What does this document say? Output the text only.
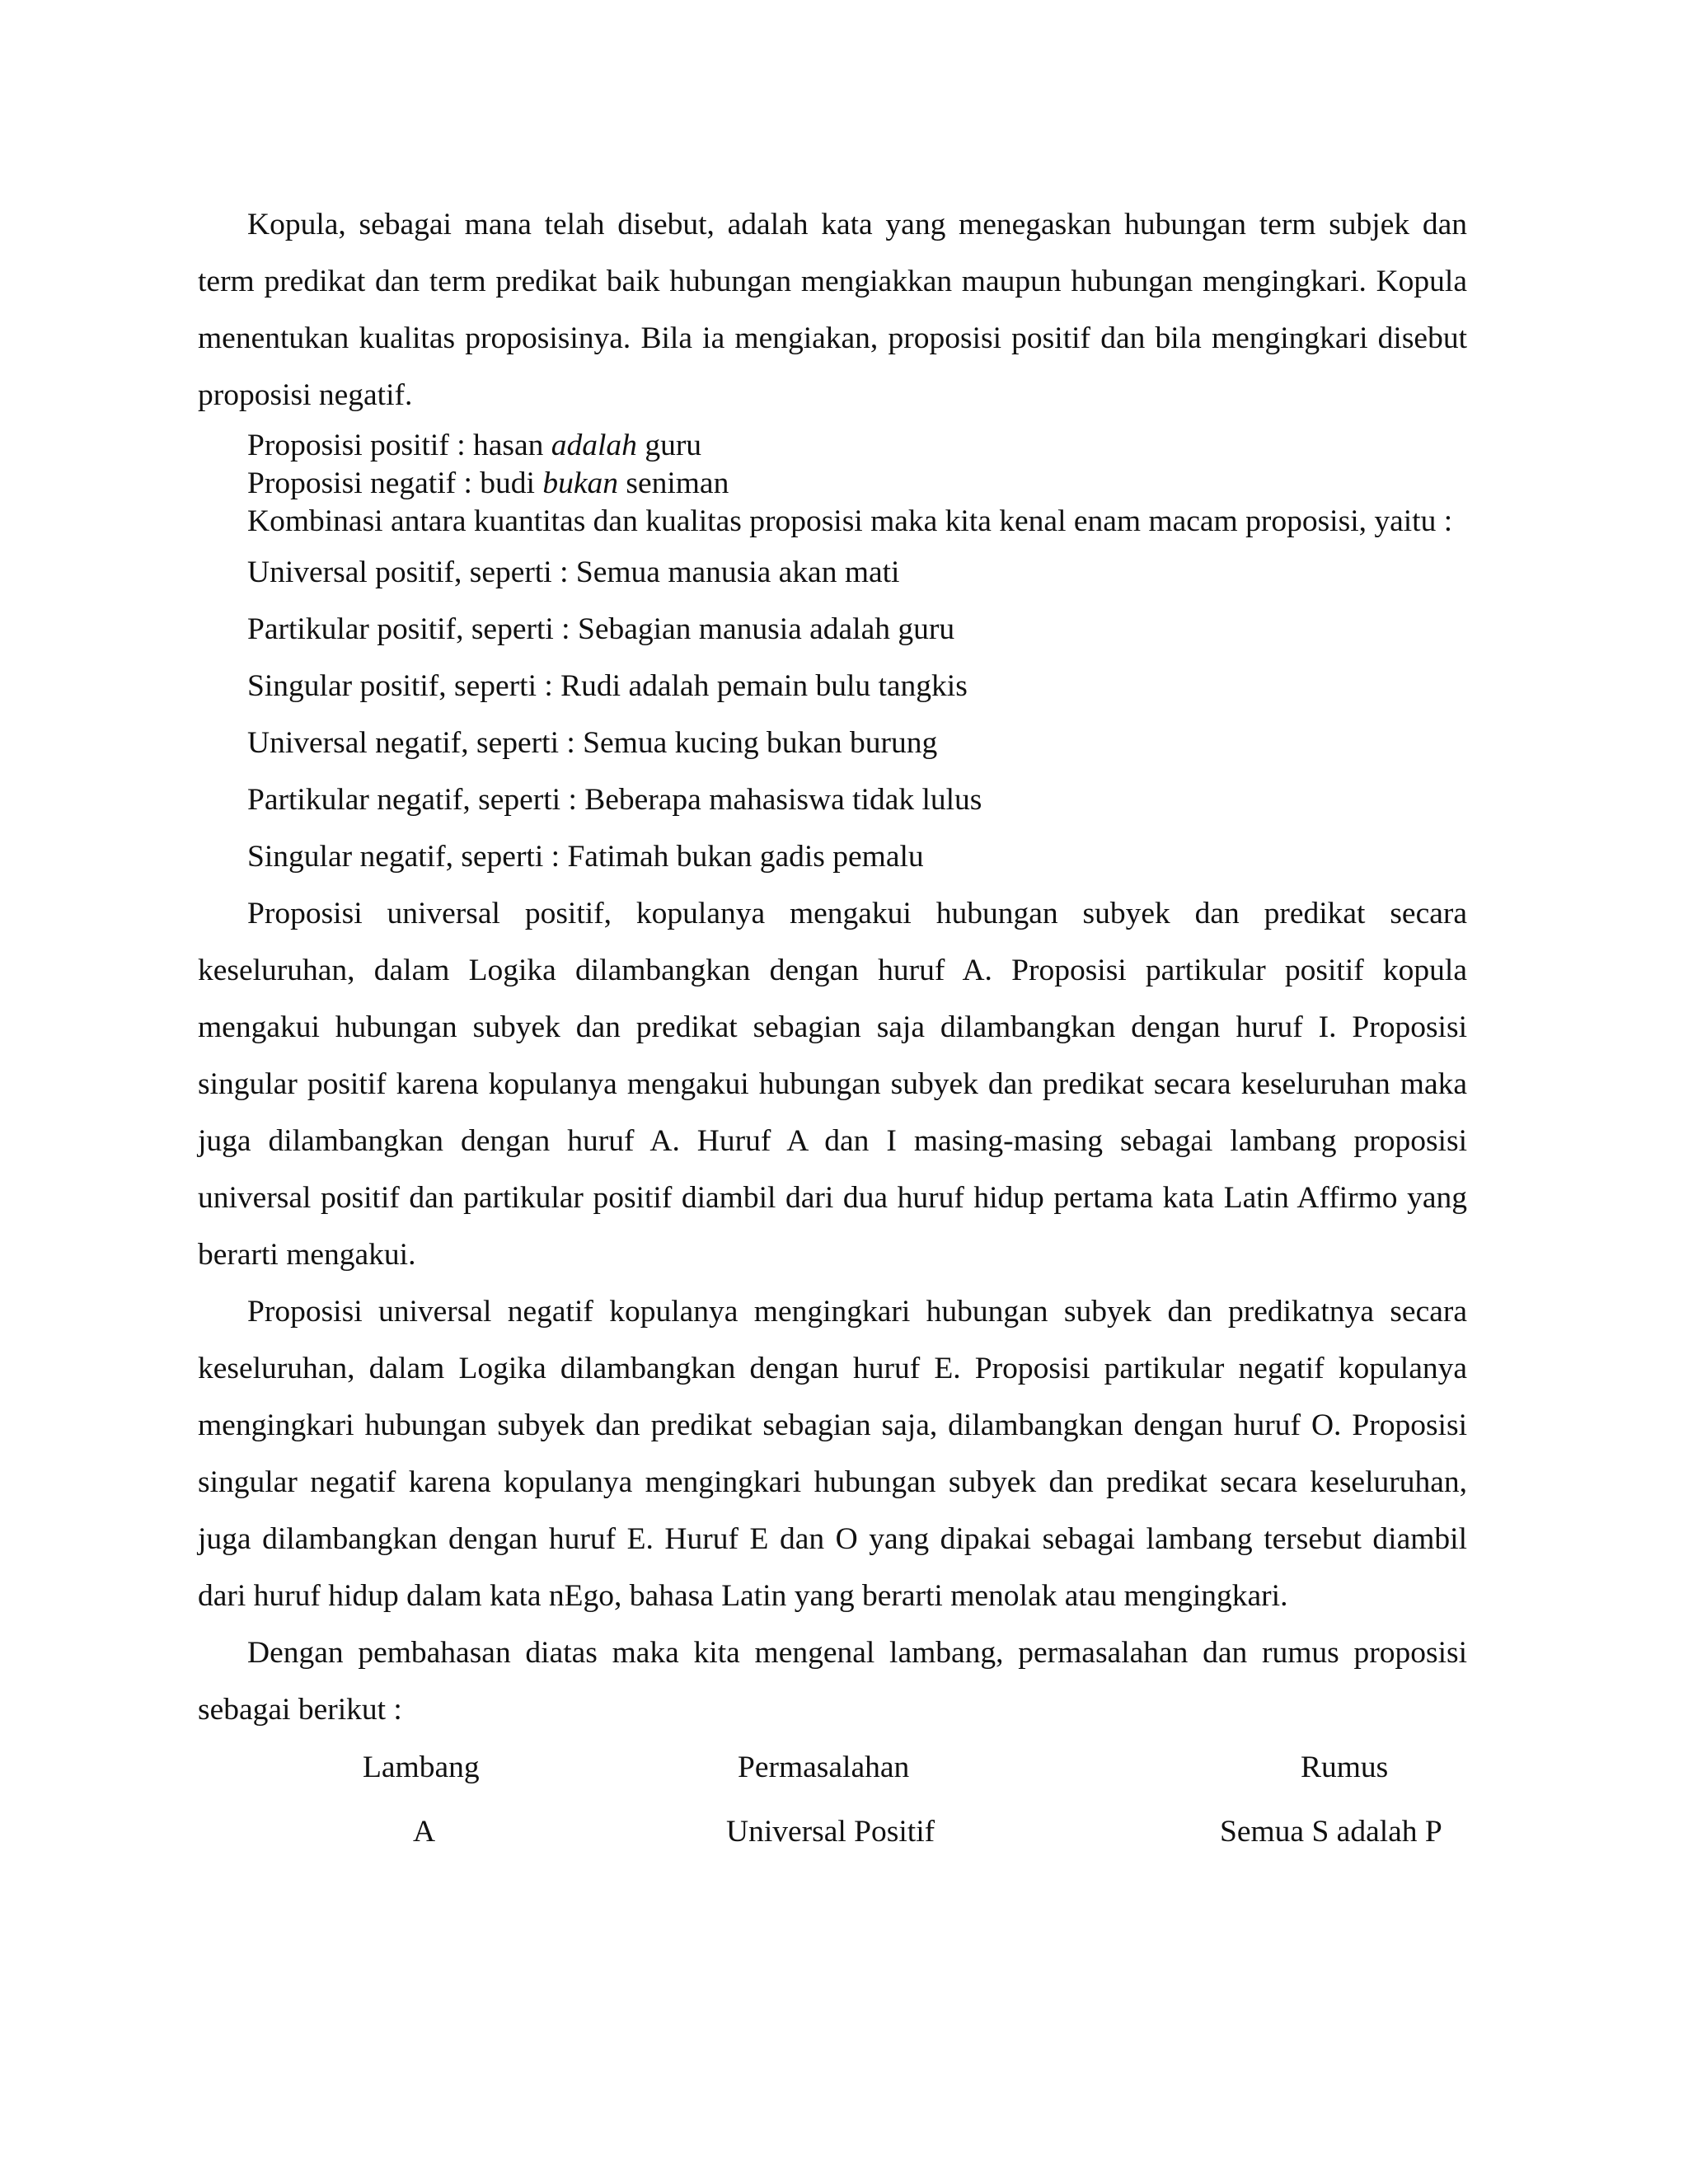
Kopula, sebagai mana telah disebut, adalah kata yang menegaskan hubungan term subjek dan term predikat dan term predikat baik hubungan mengiakkan maupun hubungan mengingkari. Kopula menentukan kualitas proposisinya. Bila ia mengiakan, proposisi positif dan bila mengingkari disebut proposisi negatif.

Proposisi positif : hasan adalah guru

Proposisi negatif : budi bukan seniman

Kombinasi antara kuantitas dan kualitas proposisi maka kita kenal enam macam proposisi, yaitu :

Universal positif, seperti : Semua manusia akan mati

Partikular positif, seperti : Sebagian manusia adalah guru

Singular positif, seperti : Rudi adalah pemain bulu tangkis

Universal negatif, seperti : Semua kucing bukan burung

Partikular negatif, seperti : Beberapa mahasiswa tidak lulus

Singular negatif, seperti : Fatimah bukan gadis pemalu

Proposisi universal positif, kopulanya mengakui hubungan subyek dan predikat secara keseluruhan, dalam Logika dilambangkan dengan huruf A. Proposisi partikular positif kopula mengakui hubungan subyek dan predikat sebagian saja dilambangkan dengan huruf I. Proposisi singular positif karena kopulanya mengakui hubungan subyek dan predikat secara keseluruhan maka juga dilambangkan dengan huruf A. Huruf A dan I masing-masing sebagai lambang proposisi universal positif dan partikular positif diambil dari dua huruf hidup pertama kata Latin Affirmo yang berarti mengakui.

Proposisi universal negatif kopulanya mengingkari hubungan subyek dan predikatnya secara keseluruhan, dalam Logika dilambangkan dengan huruf E. Proposisi partikular negatif kopulanya mengingkari hubungan subyek dan predikat sebagian saja, dilambangkan dengan huruf O. Proposisi singular negatif karena kopulanya mengingkari hubungan subyek dan predikat secara keseluruhan, juga dilambangkan dengan huruf E. Huruf E dan O yang dipakai sebagai lambang tersebut diambil dari huruf hidup dalam kata nEgo, bahasa Latin yang berarti menolak atau mengingkari.

Dengan pembahasan diatas maka kita mengenal lambang, permasalahan dan rumus proposisi sebagai berikut :

Lambang	Permasalahan	Rumus
A	Universal Positif	Semua S adalah P
